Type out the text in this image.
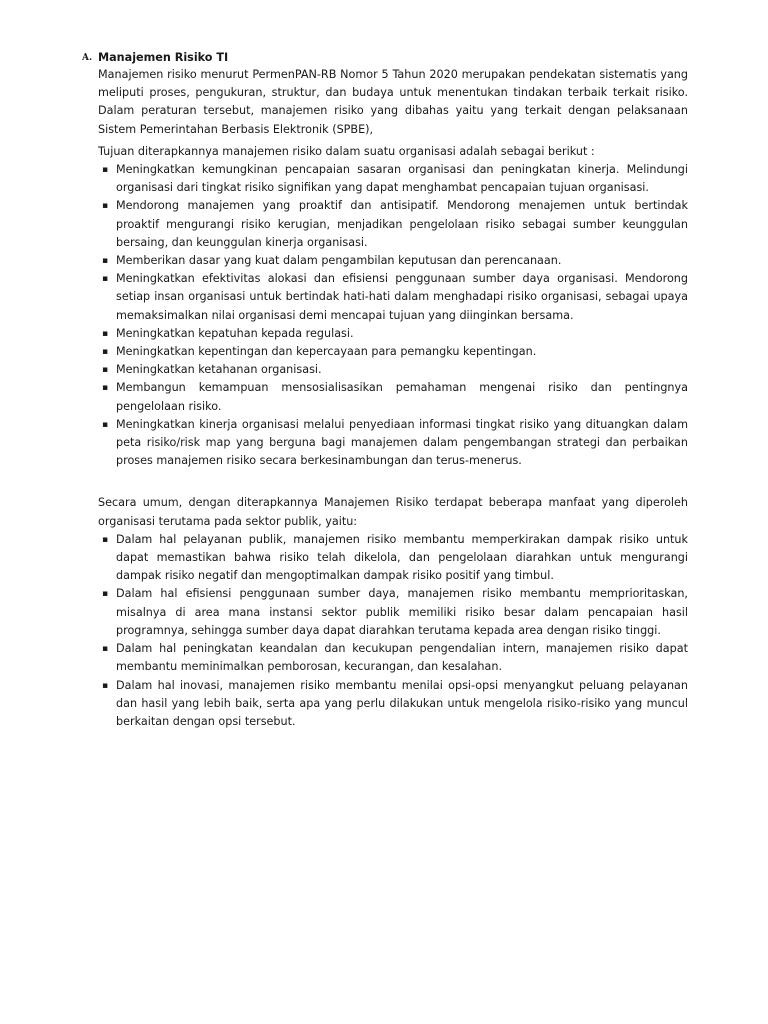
A. Manajemen Risiko TI

Manajemen risiko menurut PermenPAN-RB Nomor 5 Tahun 2020 merupakan pendekatan sistematis yang meliputi proses, pengukuran, struktur, dan budaya untuk menentukan tindakan terbaik terkait risiko. Dalam peraturan tersebut, manajemen risiko yang dibahas yaitu yang terkait dengan pelaksanaan Sistem Pemerintahan Berbasis Elektronik (SPBE),

Tujuan diterapkannya manajemen risiko dalam suatu organisasi adalah sebagai berikut :

▪ Meningkatkan kemungkinan pencapaian sasaran organisasi dan peningkatan kinerja. Melindungi organisasi dari tingkat risiko signifikan yang dapat menghambat pencapaian tujuan organisasi.
▪ Mendorong manajemen yang proaktif dan antisipatif. Mendorong menajemen untuk bertindak proaktif mengurangi risiko kerugian, menjadikan pengelolaan risiko sebagai sumber keunggulan bersaing, dan keunggulan kinerja organisasi.
▪ Memberikan dasar yang kuat dalam pengambilan keputusan dan perencanaan.
▪ Meningkatkan efektivitas alokasi dan efisiensi penggunaan sumber daya organisasi. Mendorong setiap insan organisasi untuk bertindak hati-hati dalam menghadapi risiko organisasi, sebagai upaya memaksimalkan nilai organisasi demi mencapai tujuan yang diinginkan bersama.
▪ Meningkatkan kepatuhan kepada regulasi.
▪ Meningkatkan kepentingan dan kepercayaan para pemangku kepentingan.
▪ Meningkatkan ketahanan organisasi.
▪ Membangun kemampuan mensosialisasikan pemahaman mengenai risiko dan pentingnya pengelolaan risiko.
▪ Meningkatkan kinerja organisasi melalui penyediaan informasi tingkat risiko yang dituangkan dalam peta risiko/risk map yang berguna bagi manajemen dalam pengembangan strategi dan perbaikan proses manajemen risiko secara berkesinambungan dan terus-menerus.

Secara umum, dengan diterapkannya Manajemen Risiko terdapat beberapa manfaat yang diperoleh organisasi terutama pada sektor publik, yaitu:

▪ Dalam hal pelayanan publik, manajemen risiko membantu memperkirakan dampak risiko untuk dapat memastikan bahwa risiko telah dikelola, dan pengelolaan diarahkan untuk mengurangi dampak risiko negatif dan mengoptimalkan dampak risiko positif yang timbul.
▪ Dalam hal efisiensi penggunaan sumber daya, manajemen risiko membantu memprioritaskan, misalnya di area mana instansi sektor publik memiliki risiko besar dalam pencapaian hasil programnya, sehingga sumber daya dapat diarahkan terutama kepada area dengan risiko tinggi.
▪ Dalam hal peningkatan keandalan dan kecukupan pengendalian intern, manajemen risiko dapat membantu meminimalkan pemborosan, kecurangan, dan kesalahan.
▪ Dalam hal inovasi, manajemen risiko membantu menilai opsi-opsi menyangkut peluang pelayanan dan hasil yang lebih baik, serta apa yang perlu dilakukan untuk mengelola risiko-risiko yang muncul berkaitan dengan opsi tersebut.
